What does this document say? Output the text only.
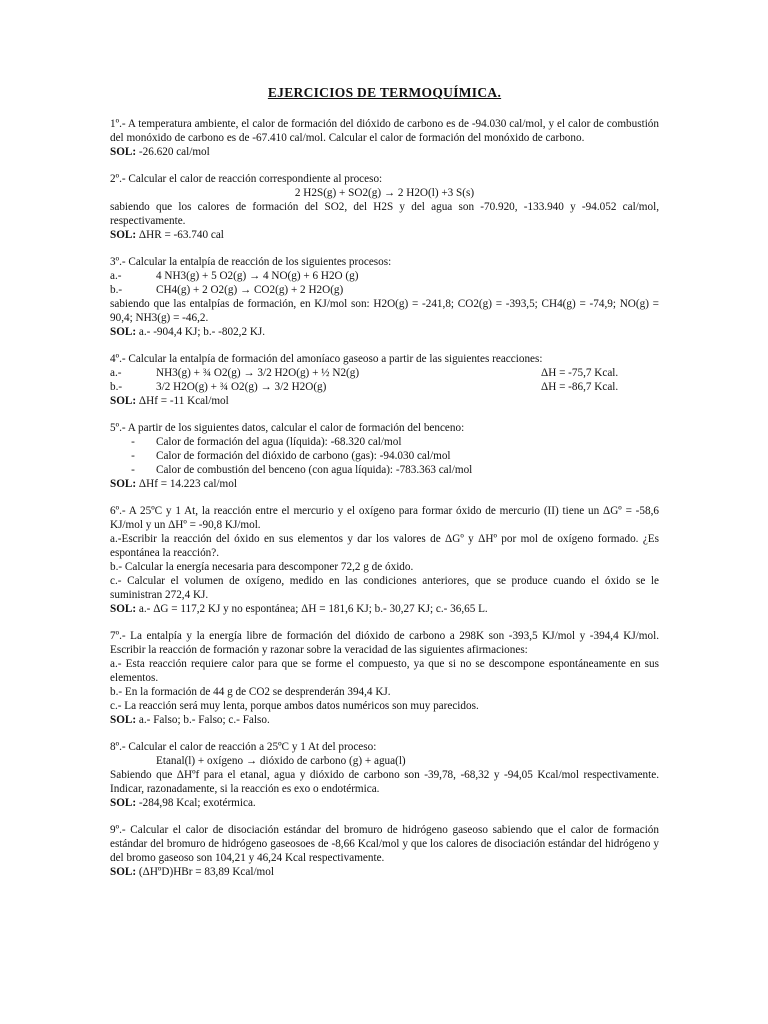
EJERCICIOS DE TERMOQUÍMICA.

1º.- A temperatura ambiente, el calor de formación del dióxido de carbono es de -94.030 cal/mol, y el calor de combustión del monóxido de carbono es de -67.410 cal/mol. Calcular el calor de formación del monóxido de carbono.

SOL: -26.620 cal/mol

2º.- Calcular el calor de reacción correspondiente al proceso:

2 H2S(g) + SO2(g) → 2 H2O(l) +3 S(s)

sabiendo que los calores de formación del SO2, del H2S y del agua son -70.920, -133.940 y -94.052 cal/mol, respectivamente.

SOL: ΔHR = -63.740 cal

3º.- Calcular la entalpía de reacción de los siguientes procesos:

a.-	4 NH3(g) + 5 O2(g) → 4 NO(g) + 6 H2O (g)
b.-	CH4(g) + 2 O2(g) → CO2(g) + 2 H2O(g)

sabiendo que las entalpías de formación, en KJ/mol son: H2O(g) = -241,8; CO2(g) = -393,5; CH4(g) = -74,9; NO(g) = 90,4; NH3(g) = -46,2.

SOL: a.- -904,4 KJ; b.- -802,2 KJ.

4º.- Calcular la entalpía de formación del amoníaco gaseoso a partir de las siguientes reacciones:

a.-	NH3(g) + ¾ O2(g) → 3/2 H2O(g) + ½ N2(g)	ΔH = -75,7 Kcal.
b.-	3/2 H2O(g) + ¾ O2(g) → 3/2 H2O(g)	ΔH = -86,7 Kcal.

SOL: ΔHf = -11 Kcal/mol

5º.- A partir de los siguientes datos, calcular el calor de formación del benceno:

-	Calor de formación del agua (líquida): -68.320 cal/mol
-	Calor de formación del dióxido de carbono (gas): -94.030 cal/mol
-	Calor de combustión del benceno (con agua líquida): -783.363 cal/mol

SOL: ΔHf = 14.223 cal/mol

6º.- A 25ºC y 1 At, la reacción entre el mercurio y el oxígeno para formar óxido de mercurio (II) tiene un ΔGº = -58,6 KJ/mol y un ΔHº = -90,8 KJ/mol.

a.-Escribir la reacción del óxido en sus elementos y dar los valores de ΔGº y ΔHº por mol de oxígeno formado. ¿Es espontánea la reacción?.

b.- Calcular la energía necesaria para descomponer 72,2 g de óxido.

c.- Calcular el volumen de oxígeno, medido en las condiciones anteriores, que se produce cuando el óxido se le suministran 272,4 KJ.

SOL: a.- ΔG = 117,2 KJ y no espontánea; ΔH = 181,6 KJ; b.- 30,27 KJ; c.- 36,65 L.

7º.- La entalpía y la energía libre de formación del dióxido de carbono a 298K son -393,5 KJ/mol y -394,4 KJ/mol. Escribir la reacción de formación y razonar sobre la veracidad de las siguientes afirmaciones:

a.- Esta reacción requiere calor para que se forme el compuesto, ya que si no se descompone espontáneamente en sus elementos.

b.- En la formación de 44 g de CO2 se desprenderán 394,4 KJ.

c.- La reacción será muy lenta, porque ambos datos numéricos son muy parecidos.

SOL: a.- Falso; b.- Falso; c.- Falso.

8º.- Calcular el calor de reacción a 25ºC y 1 At del proceso:

Etanal(l) + oxígeno → dióxido de carbono (g) + agua(l)

Sabiendo que ΔHºf para el etanal, agua y dióxido de carbono son -39,78, -68,32 y -94,05 Kcal/mol respectivamente. Indicar, razonadamente, si la reacción es exo o endotérmica.

SOL: -284,98 Kcal; exotérmica.

9º.- Calcular el calor de disociación estándar del bromuro de hidrógeno gaseoso sabiendo que el calor de formación estándar del bromuro de hidrógeno gaseosoes de -8,66 Kcal/mol y que los calores de disociación estándar del hidrógeno y del bromo gaseoso son 104,21 y 46,24 Kcal respectivamente.

SOL: (ΔHºD)HBr = 83,89 Kcal/mol
